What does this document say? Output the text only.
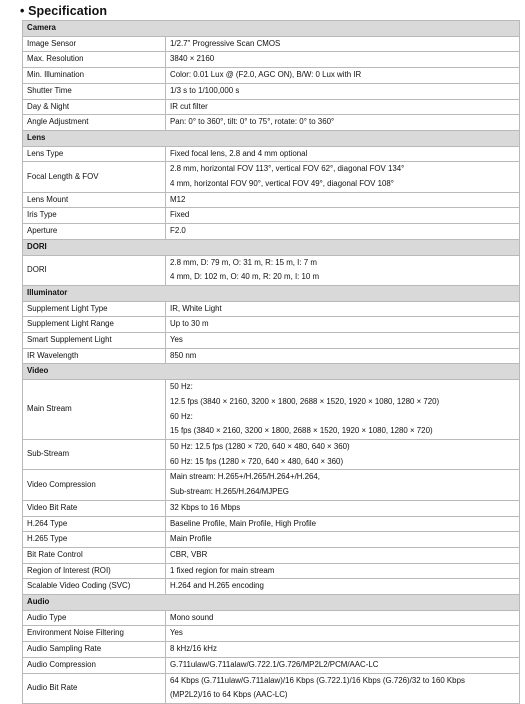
• Specification
Camera	
Image Sensor	1/2.7" Progressive Scan CMOS

Max. Resolution	3840 × 2160

Min. Illumination	Color: 0.01 Lux @ (F2.0, AGC ON), B/W: 0 Lux with IR

Shutter Time	1/3 s to 1/100,000 s

Day & Night	IR cut filter

Angle Adjustment	Pan: 0° to 360°, tilt: 0° to 75°, rotate: 0° to 360°

Lens	
Lens Type	Fixed focal lens, 2.8 and 4 mm optional

Focal Length & FOV	2.8 mm, horizontal FOV 113°, vertical FOV 62°, diagonal FOV 134°
4 mm, horizontal FOV 90°, vertical FOV 49°, diagonal FOV 108°

Lens Mount	M12

Iris Type	Fixed

Aperture	F2.0

DORI	
DORI	2.8 mm, D: 79 m, O: 31 m, R: 15 m, I: 7 m
4 mm, D: 102 m, O: 40 m, R: 20 m, I: 10 m

Illuminator	
Supplement Light Type	IR, White Light

Supplement Light Range	Up to 30 m

Smart Supplement Light	Yes

IR Wavelength	850 nm

Video	
Main Stream	50 Hz:
12.5 fps (3840 × 2160, 3200 × 1800, 2688 × 1520, 1920 × 1080, 1280 × 720)
60 Hz:
15 fps (3840 × 2160, 3200 × 1800, 2688 × 1520, 1920 × 1080, 1280 × 720)

Sub-Stream	50 Hz: 12.5 fps (1280 × 720, 640 × 480, 640 × 360)
60 Hz: 15 fps (1280 × 720, 640 × 480, 640 × 360)

Video Compression	Main stream: H.265+/H.265/H.264+/H.264,
Sub-stream: H.265/H.264/MJPEG

Video Bit Rate	32 Kbps to 16 Mbps

H.264 Type	Baseline Profile, Main Profile, High Profile

H.265 Type	Main Profile

Bit Rate Control	CBR, VBR

Region of Interest (ROI)	1 fixed region for main stream

Scalable Video Coding (SVC)	H.264 and H.265 encoding

Audio	
Audio Type	Mono sound

Environment Noise Filtering	Yes

Audio Sampling Rate	8 kHz/16 kHz

Audio Compression	G.711ulaw/G.711alaw/G.722.1/G.726/MP2L2/PCM/AAC-LC

Audio Bit Rate	64 Kbps (G.711ulaw/G.711alaw)/16 Kbps (G.722.1)/16 Kbps (G.726)/32 to 160 Kbps
(MP2L2)/16 to 64 Kbps (AAC-LC)
